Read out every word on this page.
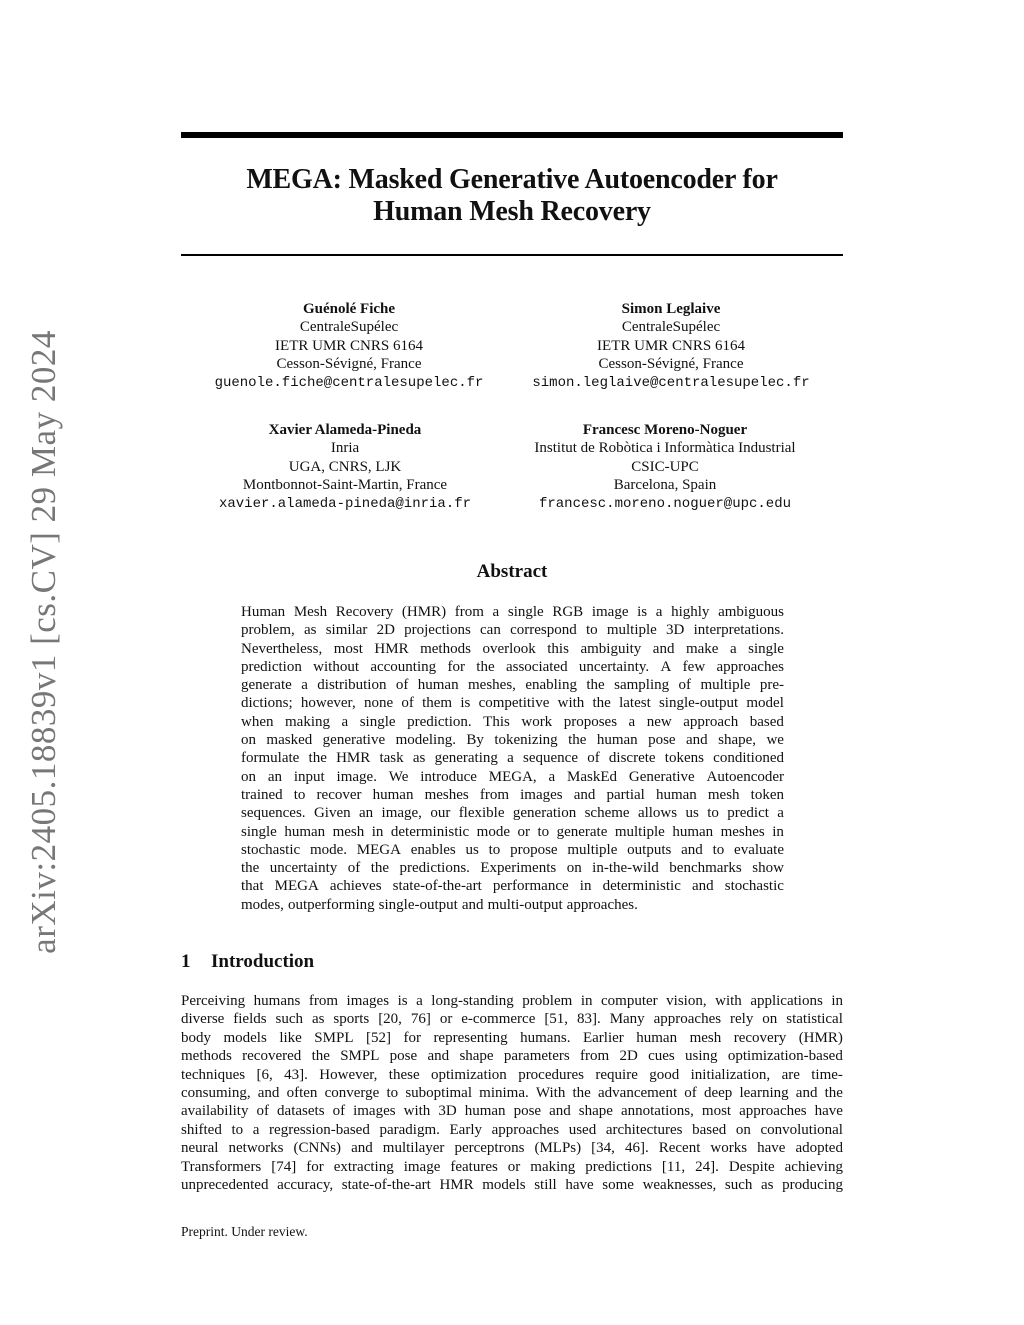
arXiv:2405.18839v1 [cs.CV] 29 May 2024
MEGA: Masked Generative Autoencoder for
Human Mesh Recovery
Guénolé Fiche
CentraleSupélec
IETR UMR CNRS 6164
Cesson-Sévigné, France
guenole.fiche@centralesupelec.fr
Simon Leglaive
CentraleSupélec
IETR UMR CNRS 6164
Cesson-Sévigné, France
simon.leglaive@centralesupelec.fr
Xavier Alameda-Pineda
Inria
UGA, CNRS, LJK
Montbonnot-Saint-Martin, France
xavier.alameda-pineda@inria.fr
Francesc Moreno-Noguer
Institut de Robòtica i Informàtica Industrial
CSIC-UPC
Barcelona, Spain
francesc.moreno.noguer@upc.edu
Abstract
Human Mesh Recovery (HMR) from a single RGB image is a highly ambiguous
problem, as similar 2D projections can correspond to multiple 3D interpretations.
Nevertheless, most HMR methods overlook this ambiguity and make a single
prediction without accounting for the associated uncertainty. A few approaches
generate a distribution of human meshes, enabling the sampling of multiple pre-
dictions; however, none of them is competitive with the latest single-output model
when making a single prediction. This work proposes a new approach based
on masked generative modeling. By tokenizing the human pose and shape, we
formulate the HMR task as generating a sequence of discrete tokens conditioned
on an input image. We introduce MEGA, a MaskEd Generative Autoencoder
trained to recover human meshes from images and partial human mesh token
sequences. Given an image, our flexible generation scheme allows us to predict a
single human mesh in deterministic mode or to generate multiple human meshes in
stochastic mode. MEGA enables us to propose multiple outputs and to evaluate
the uncertainty of the predictions. Experiments on in-the-wild benchmarks show
that MEGA achieves state-of-the-art performance in deterministic and stochastic
modes, outperforming single-output and multi-output approaches.
1 Introduction
Perceiving humans from images is a long-standing problem in computer vision, with applications in
diverse fields such as sports [20, 76] or e-commerce [51, 83]. Many approaches rely on statistical
body models like SMPL [52] for representing humans. Earlier human mesh recovery (HMR)
methods recovered the SMPL pose and shape parameters from 2D cues using optimization-based
techniques [6, 43]. However, these optimization procedures require good initialization, are time-
consuming, and often converge to suboptimal minima. With the advancement of deep learning and the
availability of datasets of images with 3D human pose and shape annotations, most approaches have
shifted to a regression-based paradigm. Early approaches used architectures based on convolutional
neural networks (CNNs) and multilayer perceptrons (MLPs) [34, 46]. Recent works have adopted
Transformers [74] for extracting image features or making predictions [11, 24]. Despite achieving
unprecedented accuracy, state-of-the-art HMR models still have some weaknesses, such as producing
Preprint. Under review.
